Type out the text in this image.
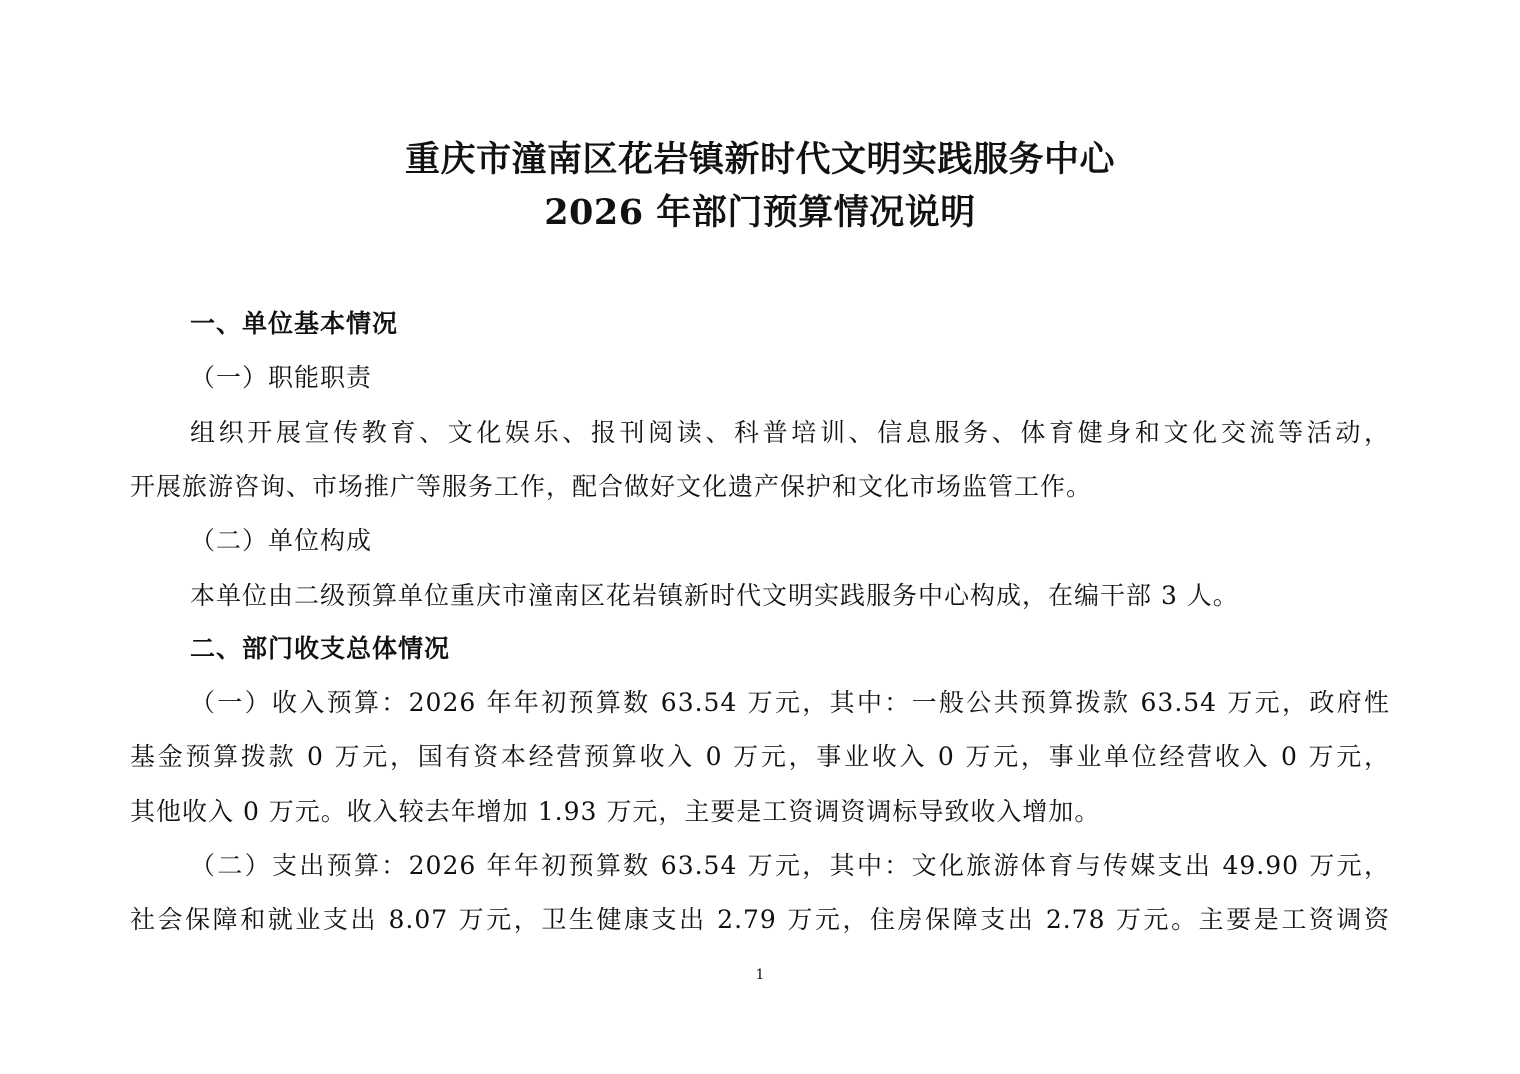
重庆市潼南区花岩镇新时代文明实践服务中心
2026 年部门预算情况说明
一、单位基本情况
（一）职能职责
组织开展宣传教育、文化娱乐、报刊阅读、科普培训、信息服务、体育健身和文化交流等活动，
开展旅游咨询、市场推广等服务工作，配合做好文化遗产保护和文化市场监管工作。
（二）单位构成
本单位由二级预算单位重庆市潼南区花岩镇新时代文明实践服务中心构成，在编干部 3 人。
二、部门收支总体情况
（一）收入预算：2026 年年初预算数 63.54 万元，其中：一般公共预算拨款 63.54 万元，政府性
基金预算拨款 0 万元，国有资本经营预算收入 0 万元，事业收入 0 万元，事业单位经营收入 0 万元，
其他收入 0 万元。收入较去年增加 1.93 万元，主要是工资调资调标导致收入增加。
（二）支出预算：2026 年年初预算数 63.54 万元，其中：文化旅游体育与传媒支出 49.90 万元，
社会保障和就业支出 8.07 万元，卫生健康支出 2.79 万元，住房保障支出 2.78 万元。主要是工资调资
1
